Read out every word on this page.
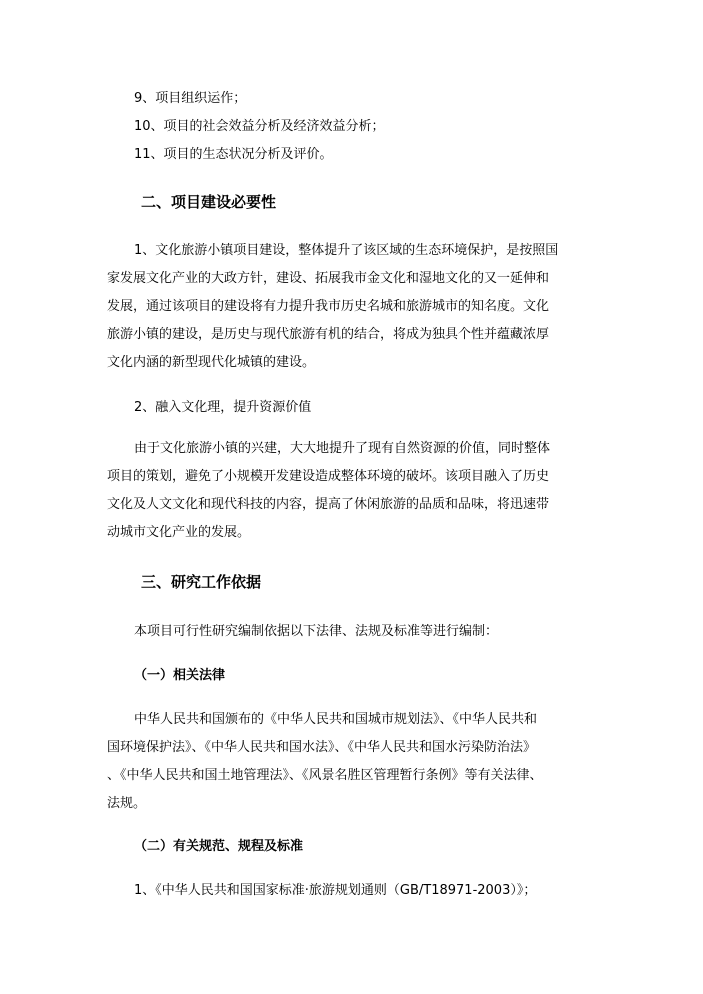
9、项目组织运作；
10、项目的社会效益分析及经济效益分析；
11、项目的生态状况分析及评价。
二、项目建设必要性
1、文化旅游小镇项目建设，整体提升了该区域的生态环境保护，是按照国
家发展文化产业的大政方针，建设、拓展我市金文化和湿地文化的又一延伸和
发展，通过该项目的建设将有力提升我市历史名城和旅游城市的知名度。文化
旅游小镇的建设，是历史与现代旅游有机的结合，将成为独具个性并蕴藏浓厚
文化内涵的新型现代化城镇的建设。
2、融入文化理，提升资源价值
由于文化旅游小镇的兴建，大大地提升了现有自然资源的价值，同时整体
项目的策划，避免了小规模开发建设造成整体环境的破坏。该项目融入了历史
文化及人文文化和现代科技的内容，提高了休闲旅游的品质和品味，将迅速带
动城市文化产业的发展。
三、研究工作依据
本项目可行性研究编制依据以下法律、法规及标准等进行编制：
（一）相关法律
中华人民共和国颁布的《中华人民共和国城市规划法》、《中华人民共和
国环境保护法》、《中华人民共和国水法》、《中华人民共和国水污染防治法》
、《中华人民共和国土地管理法》、《风景名胜区管理暂行条例》等有关法律、
法规。
（二）有关规范、规程及标准
1、《中华人民共和国国家标准·旅游规划通则（GB/T18971-2003）》；
